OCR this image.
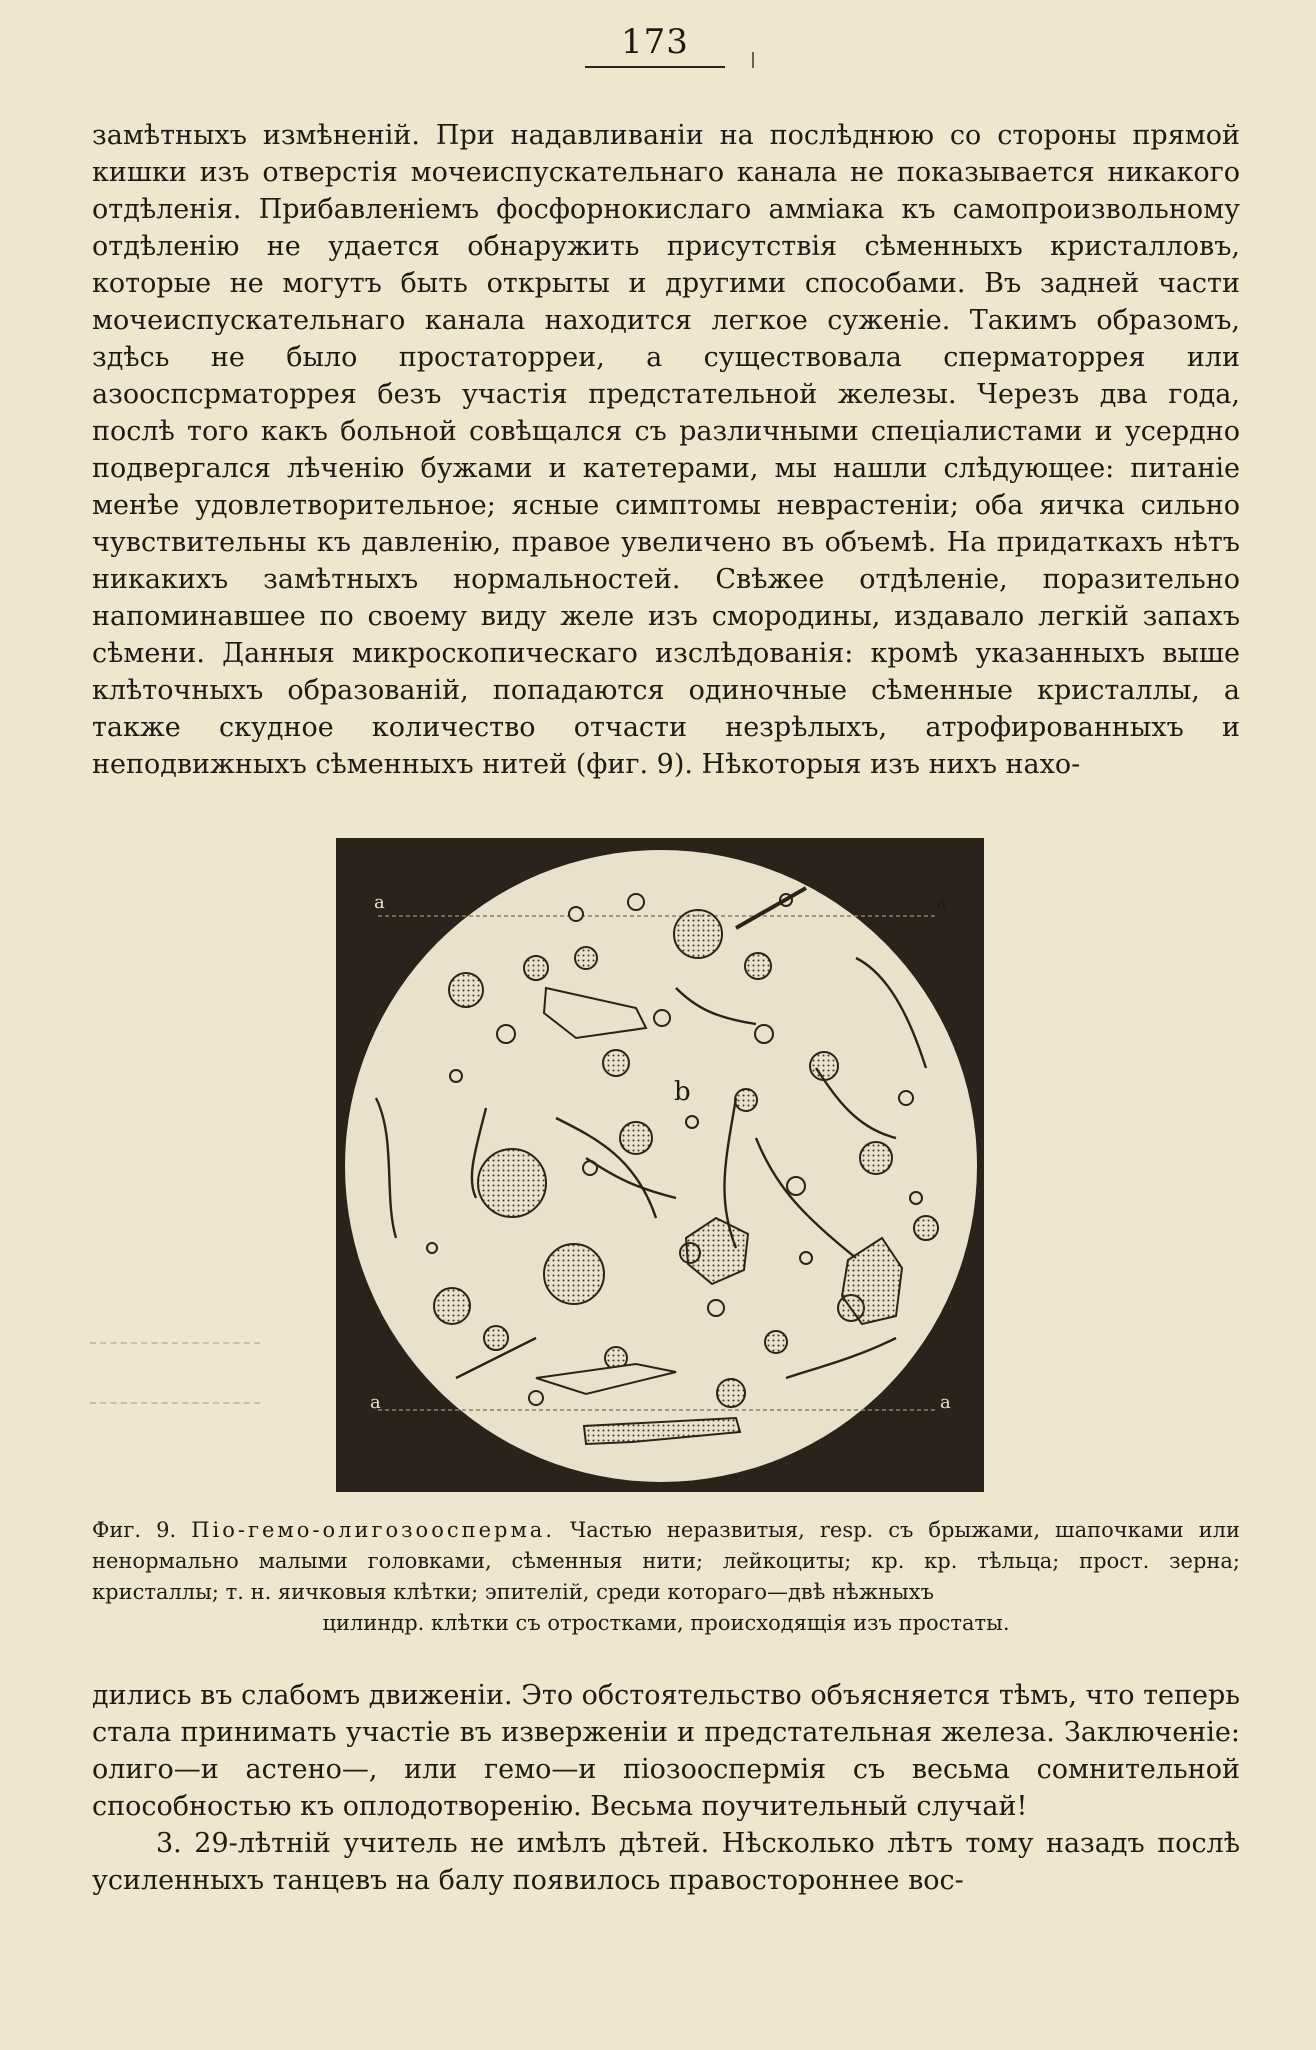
173

замѣтныхъ измѣненій. При надавливаніи на послѣднюю со стороны прямой кишки изъ отверстія мочеиспускательнаго канала не показывается никакого отдѣленія. Прибавленіемъ фосфорнокислаго амміака къ самопроизвольному отдѣленію не удается обнаружить присутствія сѣменныхъ кристалловъ, которые не могутъ быть открыты и другими способами. Въ задней части мочеиспускательнаго канала находится легкое суженіе. Такимъ образомъ, здѣсь не было простаторреи, а существовала сперматоррея или азооспсрматоррея безъ участія предстательной железы. Черезъ два года, послѣ того какъ больной совѣщался съ различными спеціалистами и усердно подвергался лѣченію бужами и катетерами, мы нашли слѣдующее: питаніе менѣе удовлетворительное; ясные симптомы неврастеніи; оба яичка сильно чувствительны къ давленію, правое увеличено въ объемѣ. На придаткахъ нѣтъ никакихъ замѣтныхъ нормальностей. Свѣжее отдѣленіе, поразительно напоминавшее по своему виду желе изъ смородины, издавало легкій запахъ сѣмени. Данныя микроскопическаго изслѣдованія: кромѣ указанныхъ выше клѣточныхъ образованій, попадаются одиночные сѣменные кристаллы, а также скудное количество отчасти незрѣлыхъ, атрофированныхъ и неподвижныхъ сѣменныхъ нитей (фиг. 9). Нѣкоторыя изъ нихъ нахо-

a	a
a	a
b
Фиг. 9. Піо-гемо-олигозооспермa. Частью неразвитыя, resp. съ брыжами, шапочками или ненормально малыми головками, сѣменныя нити; лейкоциты; кр. кр. тѣльца; прост. зерна; кристаллы; т. н. яичковыя клѣтки; эпителій, среди котораго—двѣ нѣжныхъ
цилиндр. клѣтки съ отростками, происходящія изъ простаты.

дились въ слабомъ движеніи. Это обстоятельство объясняется тѣмъ, что теперь стала принимать участіе въ изверженіи и предстательная железа. Заключеніе: олиго—и астено—, или гемо—и піозооспермія съ весьма сомнительной способностью къ оплодотворенію. Весьма поучительный случай!

3. 29-лѣтній учитель не имѣлъ дѣтей. Нѣсколько лѣтъ тому назадъ послѣ усиленныхъ танцевъ на балу появилось правостороннее вос-
